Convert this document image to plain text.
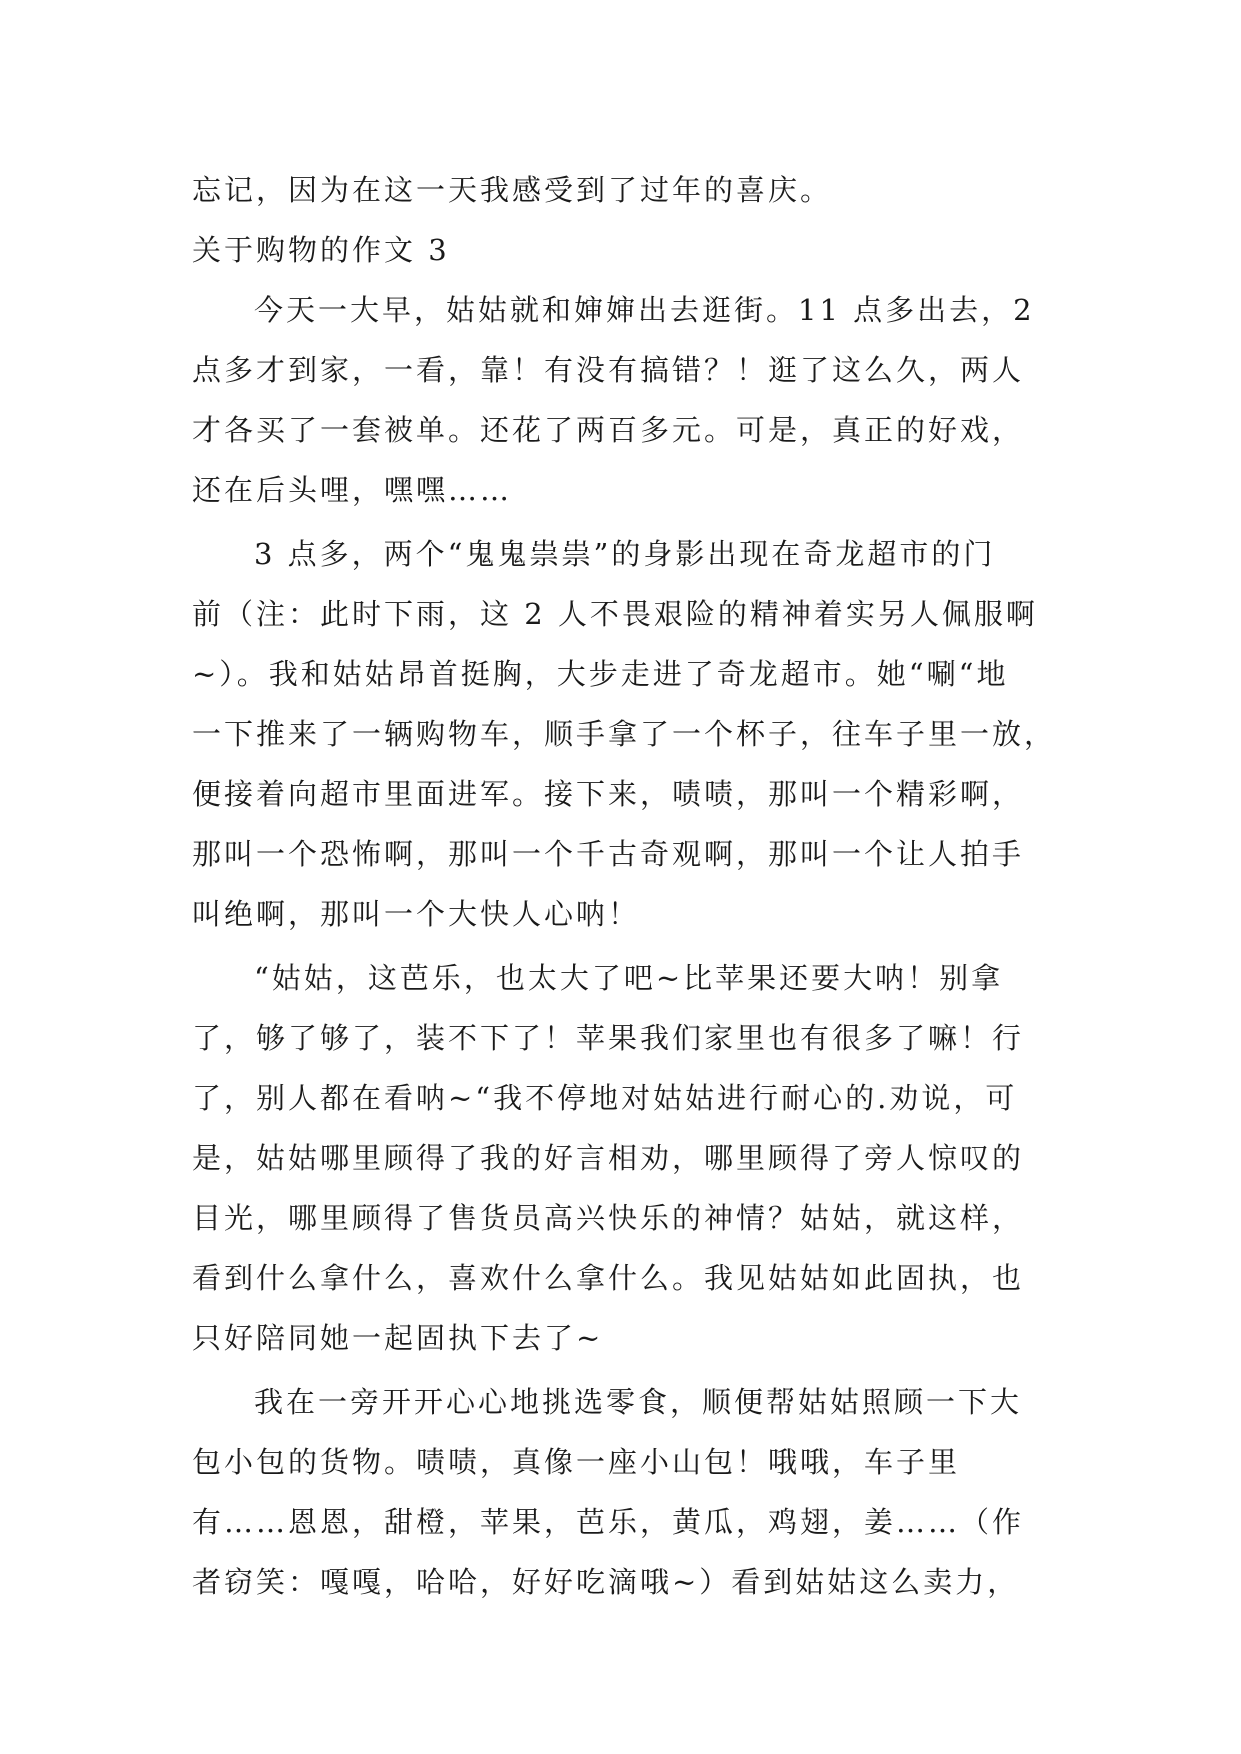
忘记，因为在这一天我感受到了过年的喜庆。
关于购物的作文 3
今天一大早，姑姑就和婶婶出去逛街。11 点多出去，2
点多才到家，一看，靠！有没有搞错？！逛了这么久，两人
才各买了一套被单。还花了两百多元。可是，真正的好戏，
还在后头哩，嘿嘿……
3 点多，两个“鬼鬼祟祟”的身影出现在奇龙超市的门
前（注：此时下雨，这 2 人不畏艰险的精神着实另人佩服啊
~）。我和姑姑昂首挺胸，大步走进了奇龙超市。她“唰“地
一下推来了一辆购物车，顺手拿了一个杯子，往车子里一放，
便接着向超市里面进军。接下来，啧啧，那叫一个精彩啊，
那叫一个恐怖啊，那叫一个千古奇观啊，那叫一个让人拍手
叫绝啊，那叫一个大快人心呐！
“姑姑，这芭乐，也太大了吧~比苹果还要大呐！别拿
了，够了够了，装不下了！苹果我们家里也有很多了嘛！行
了，别人都在看呐~“我不停地对姑姑进行耐心的.劝说，可
是，姑姑哪里顾得了我的好言相劝，哪里顾得了旁人惊叹的
目光，哪里顾得了售货员高兴快乐的神情？姑姑，就这样，
看到什么拿什么，喜欢什么拿什么。我见姑姑如此固执，也
只好陪同她一起固执下去了~
我在一旁开开心心地挑选零食，顺便帮姑姑照顾一下大
包小包的货物。啧啧，真像一座小山包！哦哦，车子里
有……恩恩，甜橙，苹果，芭乐，黄瓜，鸡翅，姜……（作
者窃笑：嘎嘎，哈哈，好好吃滴哦~）看到姑姑这么卖力，
